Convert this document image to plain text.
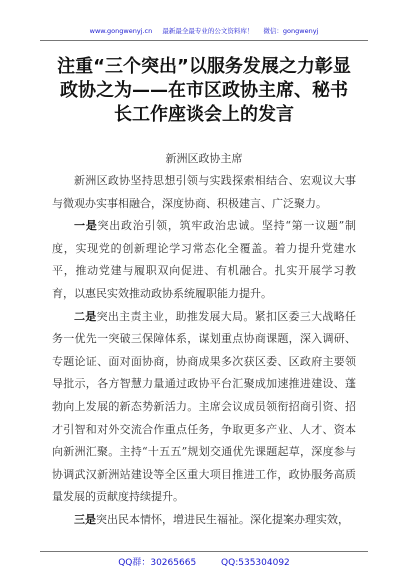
www.gongwenyj.cn 最新最全最专业的公文资料库！ 微信：gongwenyj
注重“三个突出”以服务发展之力彰显政协之为——在市区政协主席、秘书长工作座谈会上的发言
新洲区政协主席

新洲区政协坚持思想引领与实践探索相结合、宏观议大事与微观办实事相融合，深度协商、积极建言、广泛聚力。

一是突出政治引领，筑牢政治忠诚。坚持“第一议题”制度，实现党的创新理论学习常态化全覆盖。着力提升党建水平，推动党建与履职双向促进、有机融合。扎实开展学习教育，以惠民实效推动政协系统履职能力提升。

二是突出主责主业，助推发展大局。紧扣区委三大战略任务一优先一突破三保障体系，谋划重点协商课题，深入调研、专题论证、面对面协商，协商成果多次获区委、区政府主要领导批示，各方智慧力量通过政协平台汇聚成加速推进建设、蓬勃向上发展的新态势新活力。主席会议成员领衔招商引资、招才引智和对外交流合作重点任务，争取更多产业、人才、资本向新洲汇聚。主持“十五五”规划交通优先课题起草，深度参与协调武汉新洲站建设等全区重大项目推进工作，政协服务高质量发展的贡献度持续提升。

三是突出民本情怀，增进民生福祉。深化提案办理实效，

QQ群：30265665	QQ:535304092
